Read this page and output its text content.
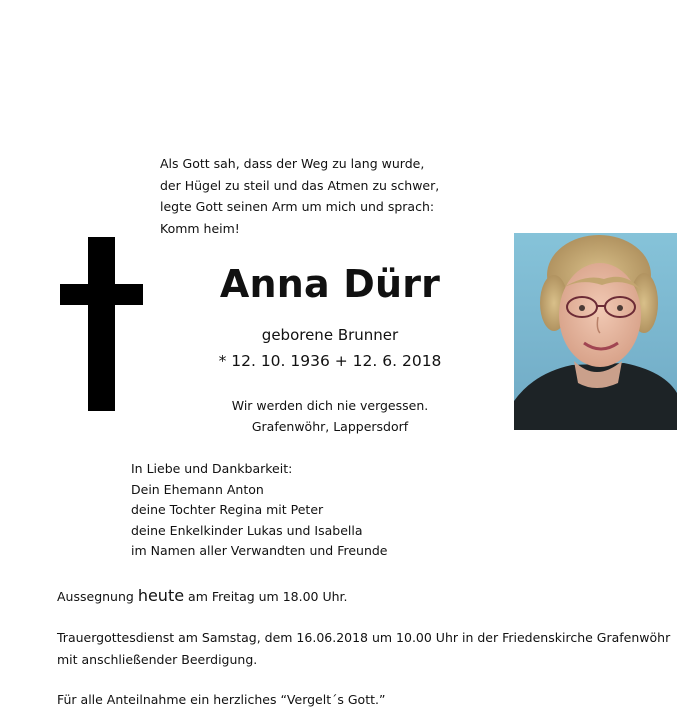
Als Gott sah, dass der Weg zu lang wurde,
der Hügel zu steil und das Atmen zu schwer,
legte Gott seinen Arm um mich und sprach:
Komm heim!
Anna Dürr
geborene Brunner
* 12. 10. 1936 + 12. 6. 2018
Wir werden dich nie vergessen.
Grafenwöhr, Lappersdorf
In Liebe und Dankbarkeit:
Dein Ehemann Anton
deine Tochter Regina mit Peter
deine Enkelkinder Lukas und Isabella
im Namen aller Verwandten und Freunde
Aussegnung heute am Freitag um 18.00 Uhr.
Trauergottesdienst am Samstag, dem 16.06.2018 um 10.00 Uhr in der Friedenskirche Grafenwöhr
mit anschließender Beerdigung.
Für alle Anteilnahme ein herzliches “Vergelt´s Gott.”
